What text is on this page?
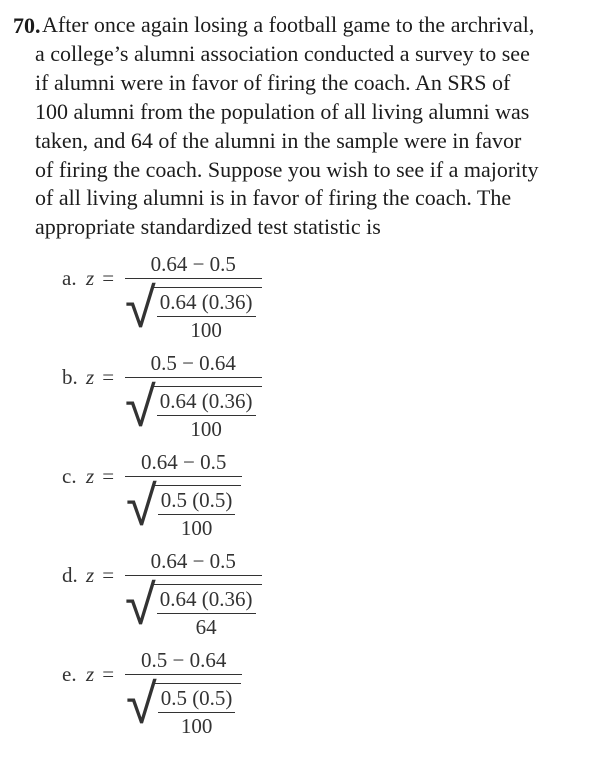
70. After once again losing a football game to the archrival,
a college’s alumni association conducted a survey to see
if alumni were in favor of firing the coach. An SRS of
100 alumni from the population of all living alumni was
taken, and 64 of the alumni in the sample were in favor
of firing the coach. Suppose you wish to see if a majority
of all living alumni is in favor of firing the coach. The
appropriate standardized test statistic is
a. z =
0.64 − 0.5
√ $\frac{0.64 (0.36)}{100}$
b. z =
0.5 − 0.64
√ $\frac{0.64 (0.36)}{100}$
c. z =
0.64 − 0.5
√ $\frac{0.5 (0.5)}{100}$
d. z =
0.64 − 0.5
√ $\frac{0.64 (0.36)}{64}$
e. z =
0.5 − 0.64
√ $\frac{0.5 (0.5)}{100}$
